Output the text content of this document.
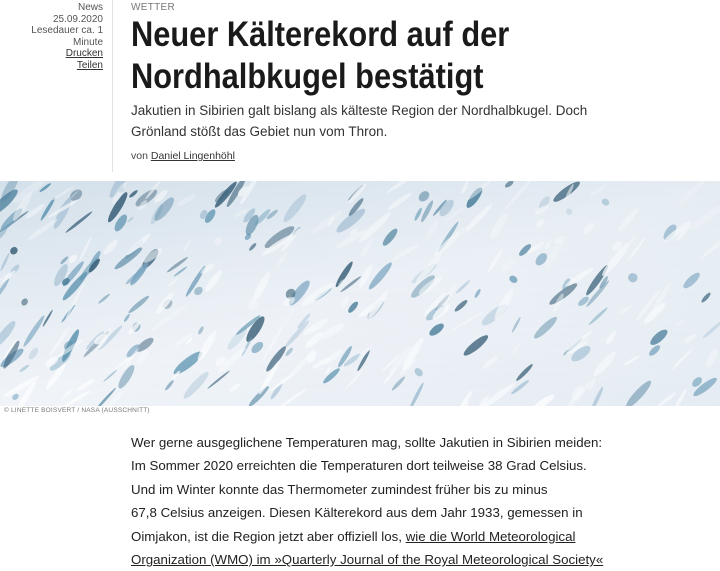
News
25.09.2020
Lesedauer ca. 1
Minute
Drucken
Teilen
WETTER
Neuer Kälterekord auf der
Nordhalbkugel bestätigt

Jakutien in Sibirien galt bislang als kälteste Region der Nordhalbkugel. Doch Grönland stößt das Gebiet nun vom Thron.

von Daniel Lingenhöhl
© LINETTE BOISVERT / NASA (AUSSCHNITT)
Wer gerne ausgeglichene Temperaturen mag, sollte Jakutien in Sibirien meiden:
Im Sommer 2020 erreichten die Temperaturen dort teilweise 38 Grad Celsius.
Und im Winter konnte das Thermometer zumindest früher bis zu minus
67,8 Celsius anzeigen. Diesen Kälterekord aus dem Jahr 1933, gemessen in
Oimjakon, ist die Region jetzt aber offiziell los, wie die World Meteorological
Organization (WMO) im »Quarterly Journal of the Royal Meteorological Society«
